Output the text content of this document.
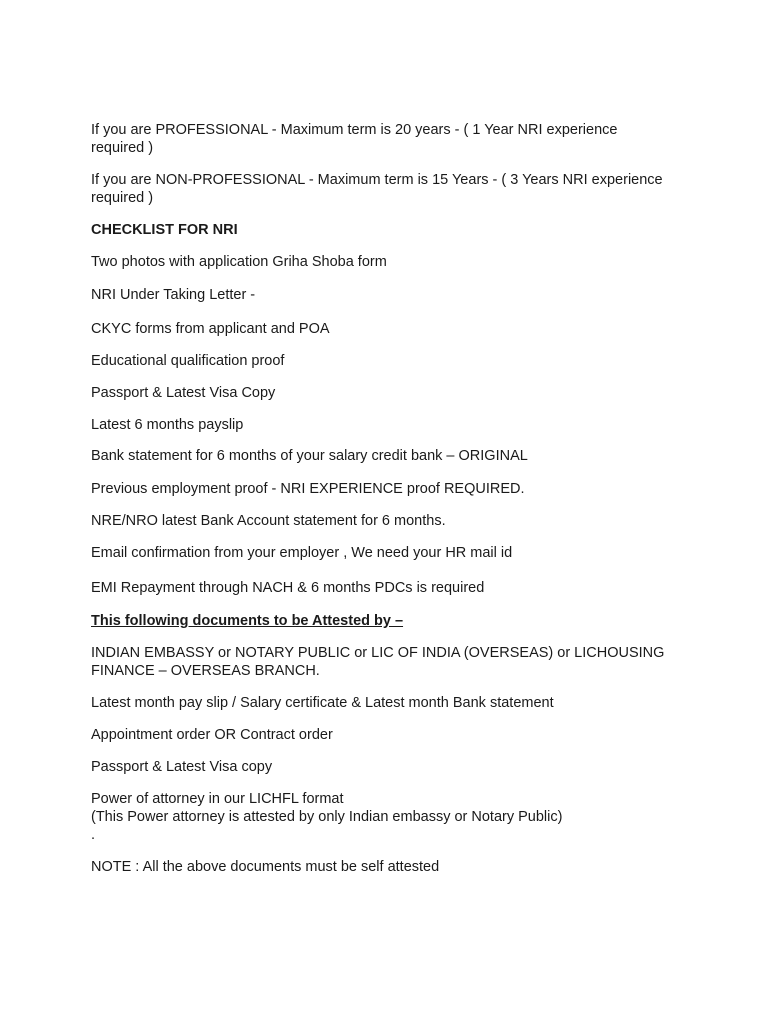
If you are PROFESSIONAL - Maximum term is 20 years - ( 1 Year NRI experience
required )

If you are NON-PROFESSIONAL - Maximum term is 15 Years - ( 3 Years NRI experience
required )

CHECKLIST FOR NRI

Two photos with application Griha Shoba form

NRI Under Taking Letter -

CKYC forms from applicant and POA

Educational qualification proof

Passport & Latest Visa Copy

Latest 6 months payslip

Bank statement for 6 months of your salary credit bank – ORIGINAL

Previous employment proof - NRI EXPERIENCE proof REQUIRED.

NRE/NRO latest Bank Account statement for 6 months.

Email confirmation from your employer , We need your HR mail id

EMI Repayment through NACH & 6 months PDCs is required

This following documents to be Attested by –

INDIAN EMBASSY or NOTARY PUBLIC or LIC OF INDIA (OVERSEAS) or LICHOUSING
FINANCE – OVERSEAS BRANCH.

Latest month pay slip / Salary certificate & Latest month Bank statement

Appointment order OR Contract order

Passport & Latest Visa copy

Power of attorney in our LICHFL format
(This Power attorney is attested by only Indian embassy or Notary Public)
.

NOTE : All the above documents must be self attested
